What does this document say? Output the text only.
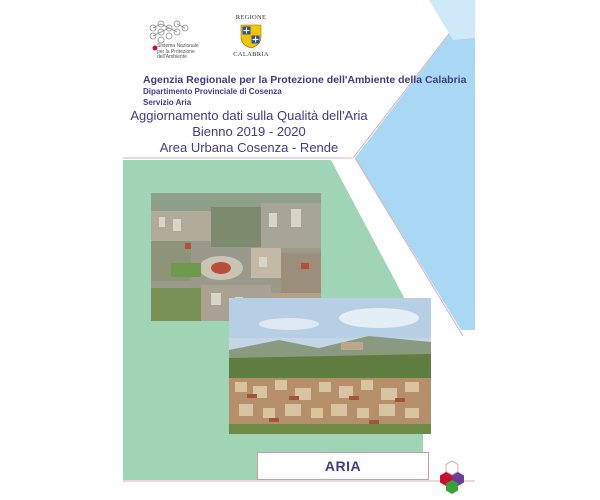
Sistema Nazionale
per la Protezione
dell'Ambiente
REGIONE
CALABRIA
Agenzia Regionale per la Protezione dell'Ambiente della Calabria
Dipartimento Provinciale di Cosenza
Servizio Aria
Aggiornamento dati sulla Qualità dell'Aria
Bienno 2019 - 2020
Area Urbana Cosenza - Rende
ARIA
